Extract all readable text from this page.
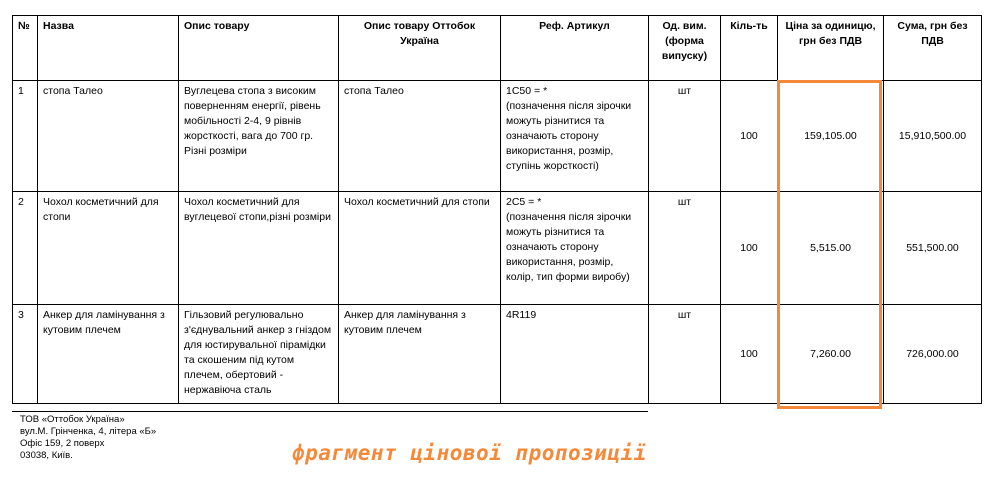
№	Назва	Опис товару	Опис товару Оттобок Україна	Реф. Артикул	Од. вим. (форма випуску)	Кіль-ть	Ціна за одиницю, грн без ПДВ	Сума, грн без ПДВ
1	стопа Талео	Вуглецева стопа з високим поверненням енергії, рівень мобільності 2-4, 9 рівнів жорсткості, вага до 700 гр. Різні розміри	стопа Талео	1С50 = *
(позначення після зірочки можуть різнитися та означають сторону використання, розмір, ступінь жорсткості)	шт	100	159,105.00	15,910,500.00
2	Чохол косметичний для стопи	Чохол косметичний для вуглецевої стопи,різні розміри	Чохол косметичний для стопи	2С5 = *
(позначення після зірочки можуть різнитися та означають сторону використання, розмір, колір, тип форми виробу)	шт	100	5,515.00	551,500.00
3	Анкер для ламінування з кутовим плечем	Гільзовий регулювально з'єднувальний анкер з гніздом для юстирувальної пірамідки та скошеним під кутом плечем, обертовий - нержавіюча сталь	Анкер для ламінування з кутовим плечем	4R119	шт	100	7,260.00	726,000.00
ТОВ «Оттобок Україна»
вул.М. Грінченка, 4, літера «Б»
Офіс 159, 2 поверх
03038, Київ.	фрагмент цінової пропозиції
